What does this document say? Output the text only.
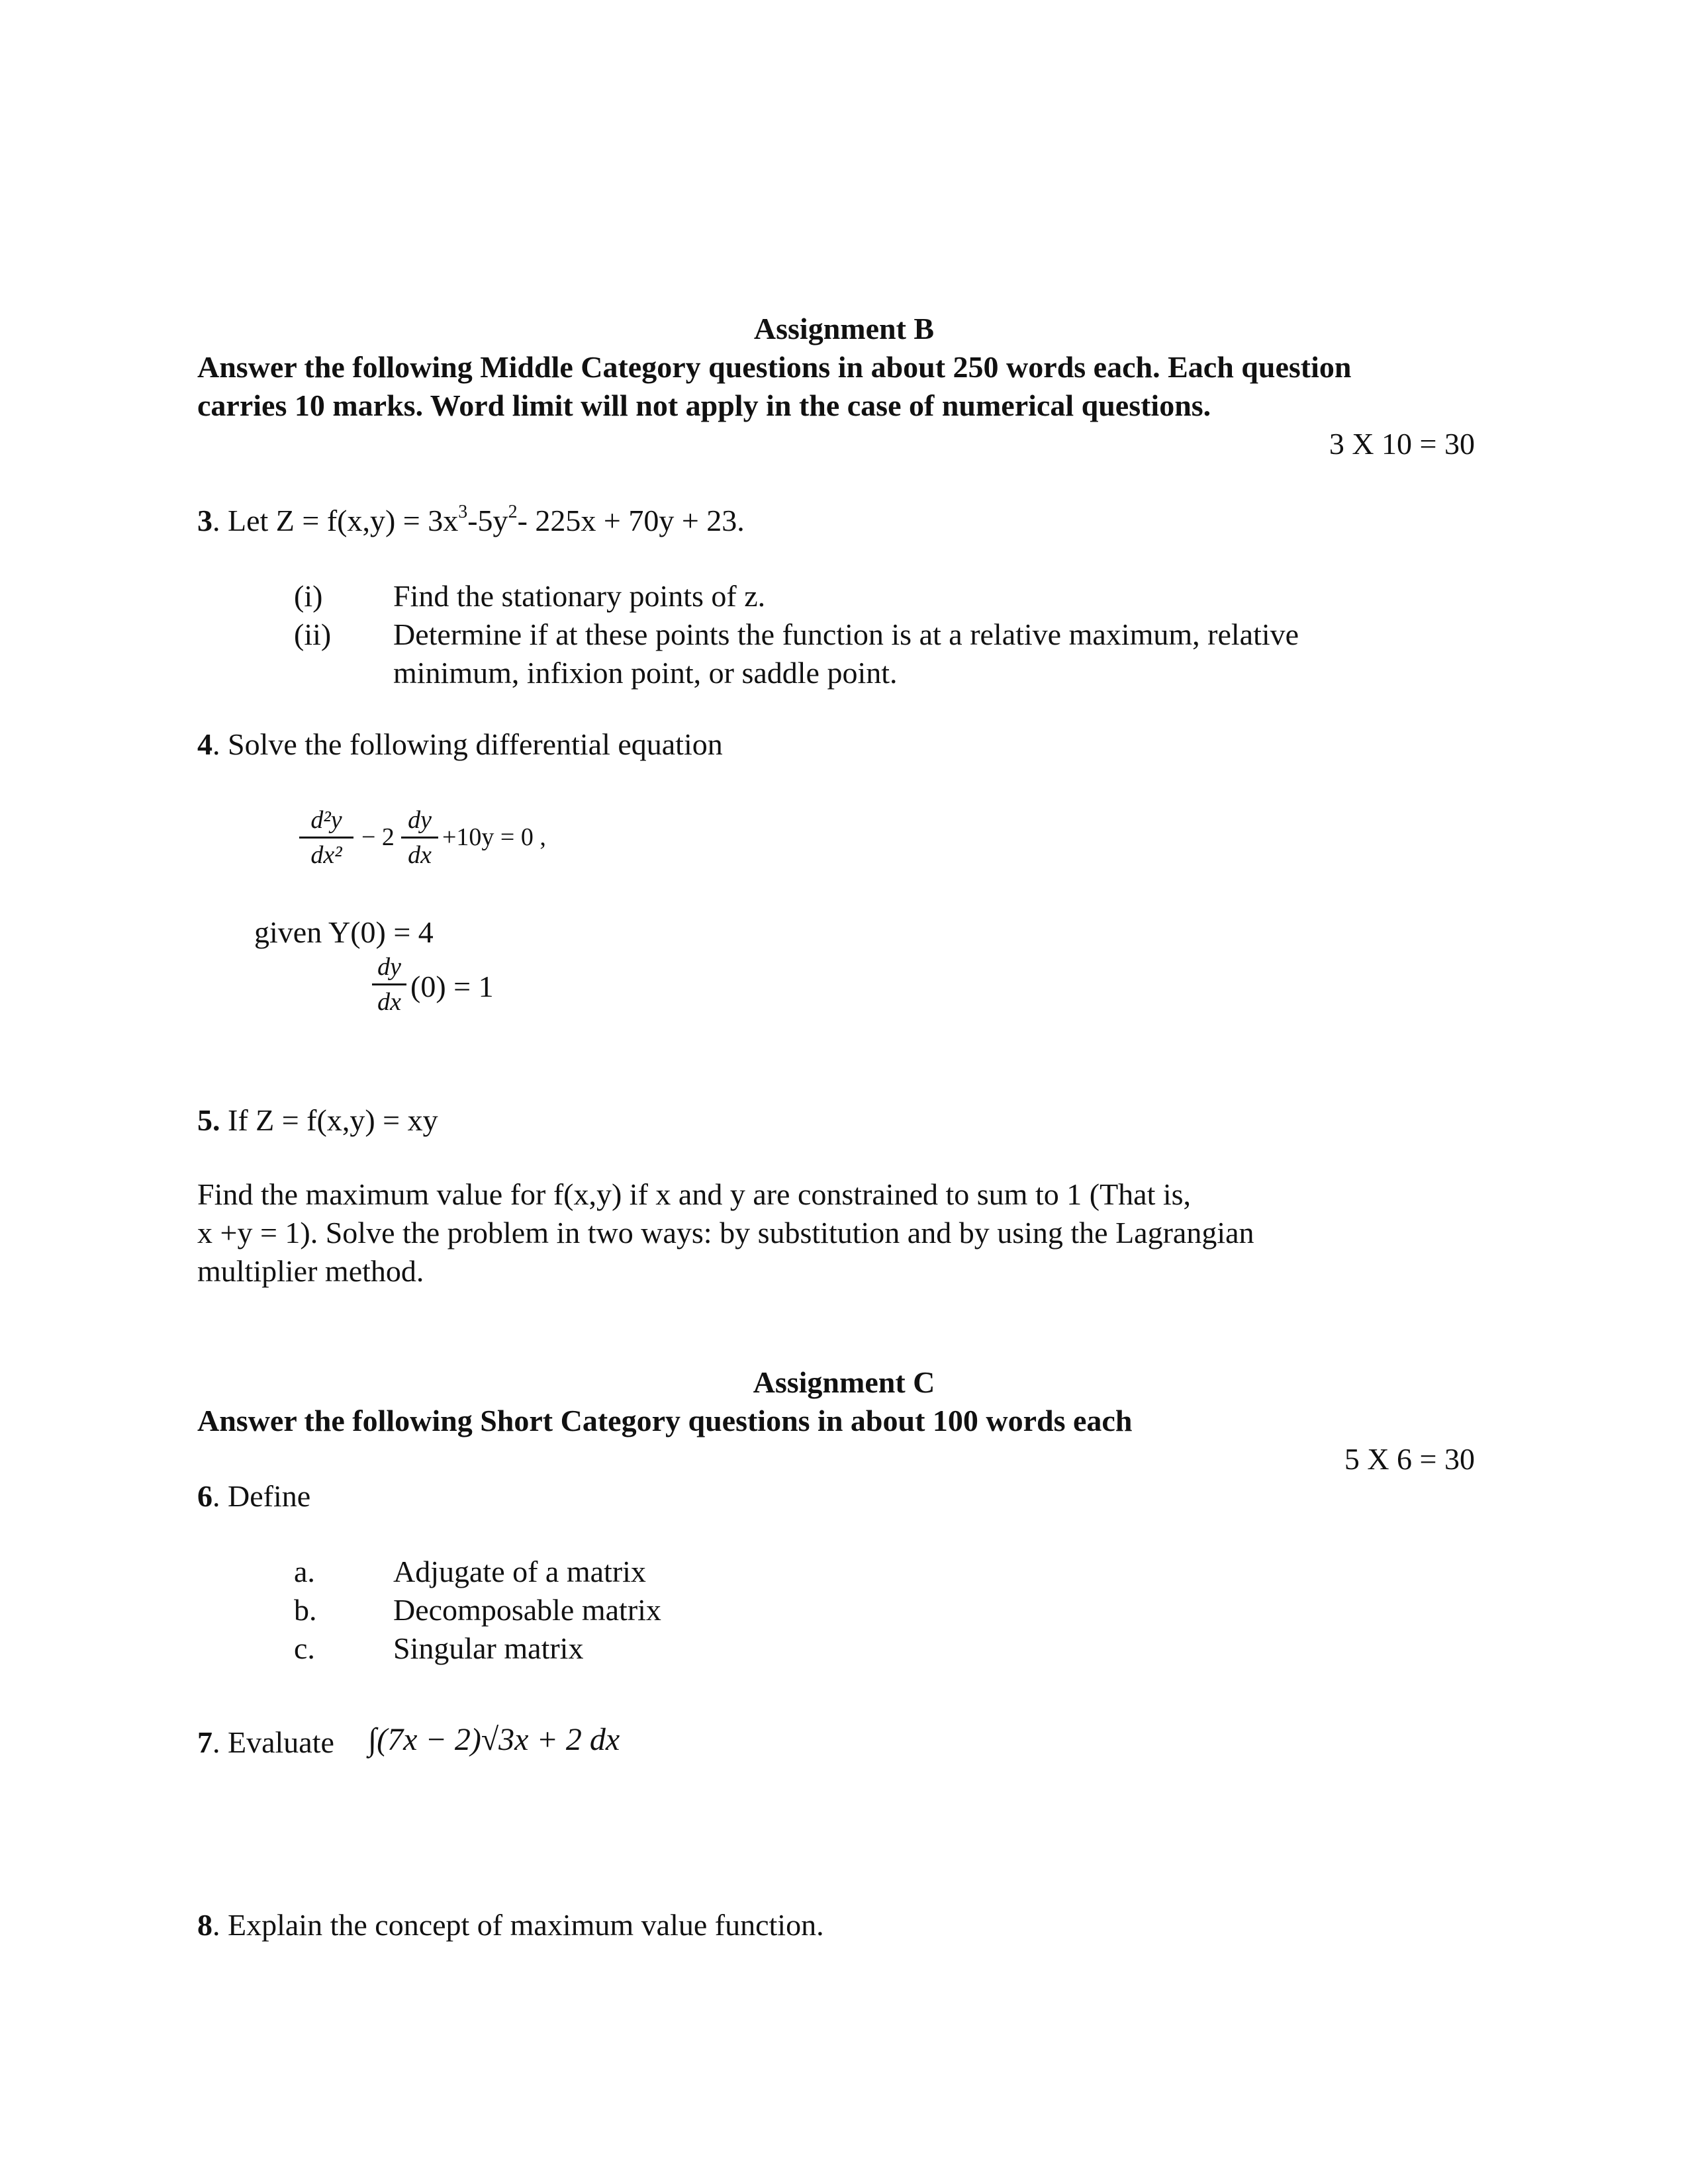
Assignment B
Answer the following Middle Category questions in about 250 words each. Each question
carries 10 marks. Word limit will not apply in the case of numerical questions.
3 X 10 = 30
3. Let $Z = f(x,y) = 3x^3-5y^2-$ 225x + 70y + 23.
(i) Find the stationary points of z.
(ii) Determine if at these points the function is at a relative maximum, relative
minimum, infixion point, or saddle point.
4. Solve the following differential equation
d²y
dx²
− 2
dy
dx
+10y = 0 ,
given Y(0) = 4
dy
dx (0) = 1
5. If Z = f(x,y) = xy
Find the maximum value for f(x,y) if x and y are constrained to sum to 1 (That is,
x +y = 1). Solve the problem in two ways: by substitution and by using the Lagrangian
multiplier method.
Assignment C
Answer the following Short Category questions in about 100 words each
5 X 6 = 30
6. Define
a.	Adjugate of a matrix
b.	Decomposable matrix
c.	Singular matrix
7. Evaluate ∫(7x − 2)√3x + 2 dx
8. Explain the concept of maximum value function.
